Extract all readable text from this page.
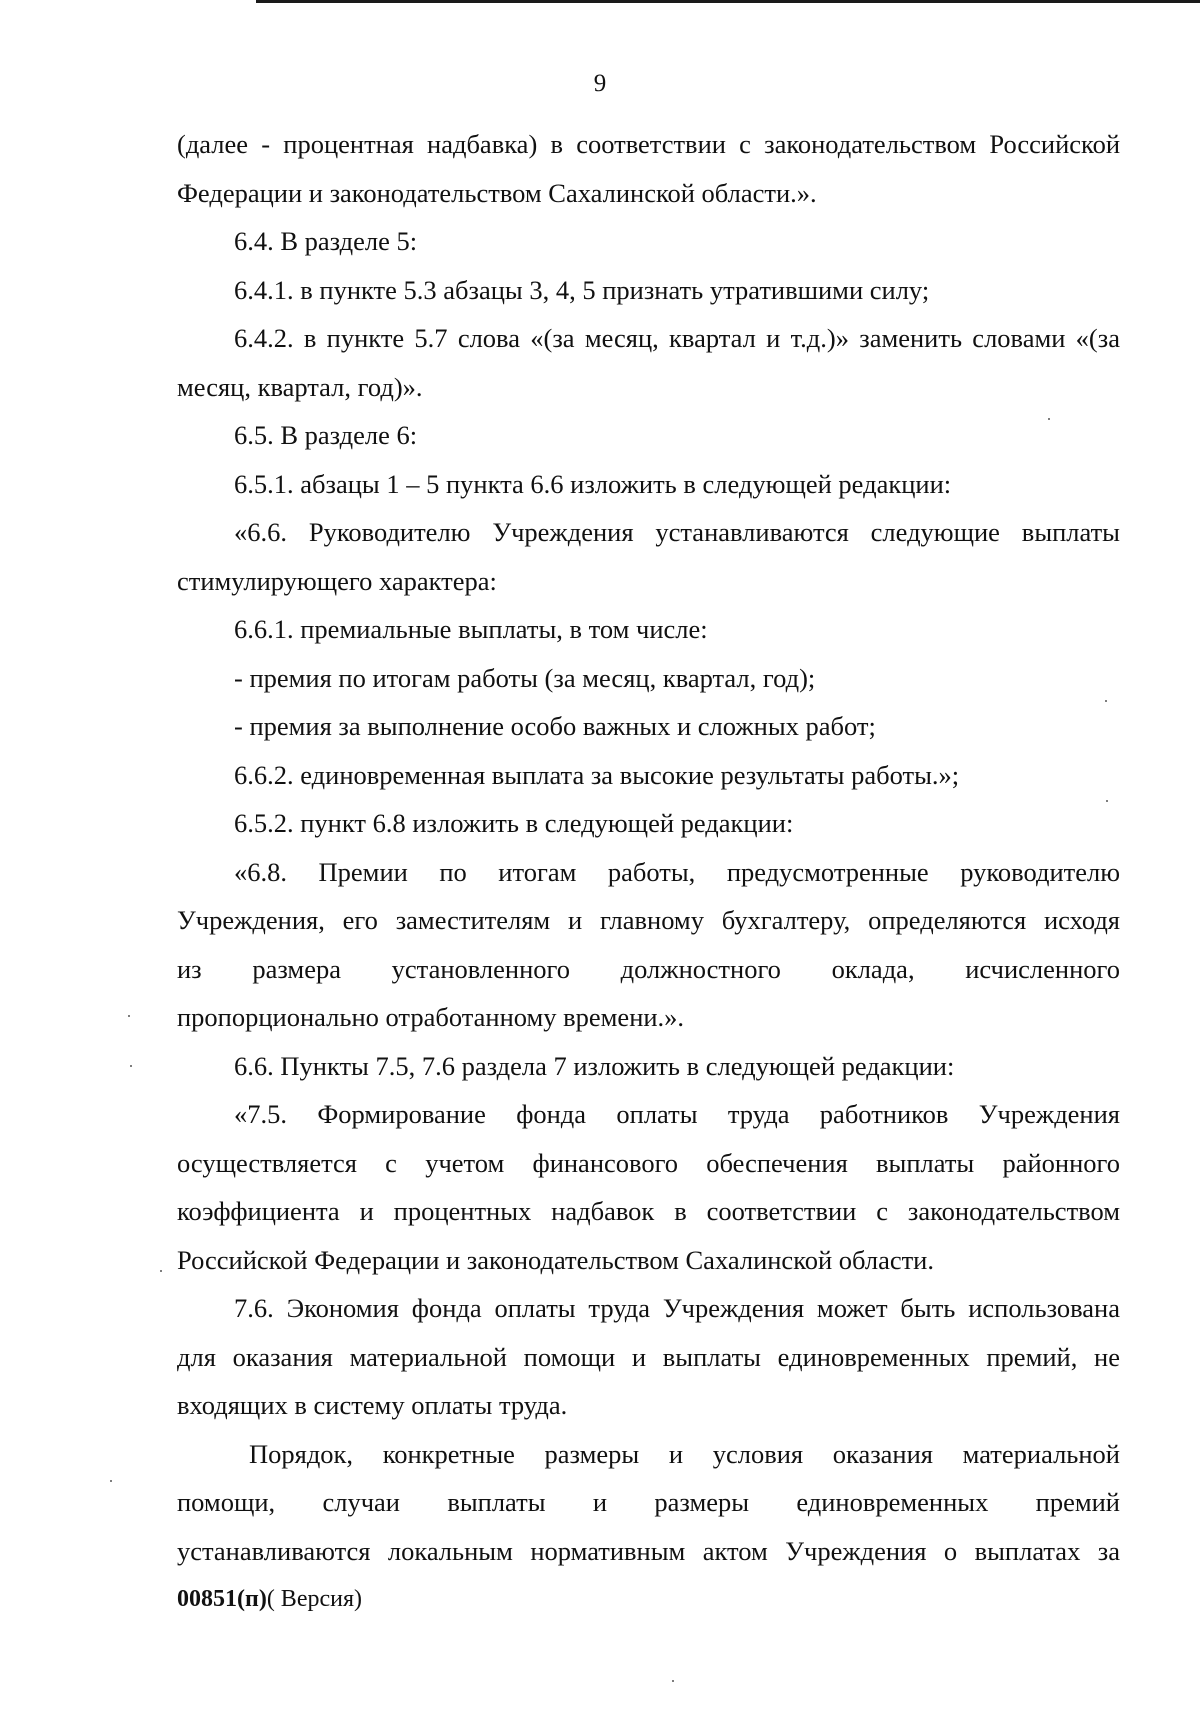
9
(далее - процентная надбавка) в соответствии с законодательством Российской
Федерации и законодательством Сахалинской области.».
6.4. В разделе 5:
6.4.1. в пункте 5.3 абзацы 3, 4, 5 признать утратившими силу;
6.4.2. в пункте 5.7 слова «(за месяц, квартал и т.д.)» заменить словами «(за
месяц, квартал, год)».
6.5. В разделе 6:
6.5.1. абзацы 1 – 5 пункта 6.6 изложить в следующей редакции:
«6.6. Руководителю Учреждения устанавливаются следующие выплаты
стимулирующего характера:
6.6.1. премиальные выплаты, в том числе:
- премия по итогам работы (за месяц, квартал, год);
- премия за выполнение особо важных и сложных работ;
6.6.2. единовременная выплата за высокие результаты работы.»;
6.5.2. пункт 6.8 изложить в следующей редакции:
«6.8. Премии по итогам работы, предусмотренные руководителю
Учреждения, его заместителям и главному бухгалтеру, определяются исходя
из размера установленного должностного оклада, исчисленного
пропорционально отработанному времени.».
6.6. Пункты 7.5, 7.6 раздела 7 изложить в следующей редакции:
«7.5. Формирование фонда оплаты труда работников Учреждения
осуществляется с учетом финансового обеспечения выплаты районного
коэффициента и процентных надбавок в соответствии с законодательством
Российской Федерации и законодательством Сахалинской области.
7.6. Экономия фонда оплаты труда Учреждения может быть использована
для оказания материальной помощи и выплаты единовременных премий, не
входящих в систему оплаты труда.
Порядок, конкретные размеры и условия оказания материальной
помощи, случаи выплаты и размеры единовременных премий
устанавливаются локальным нормативным актом Учреждения о выплатах за
00851(п)( Версия)
